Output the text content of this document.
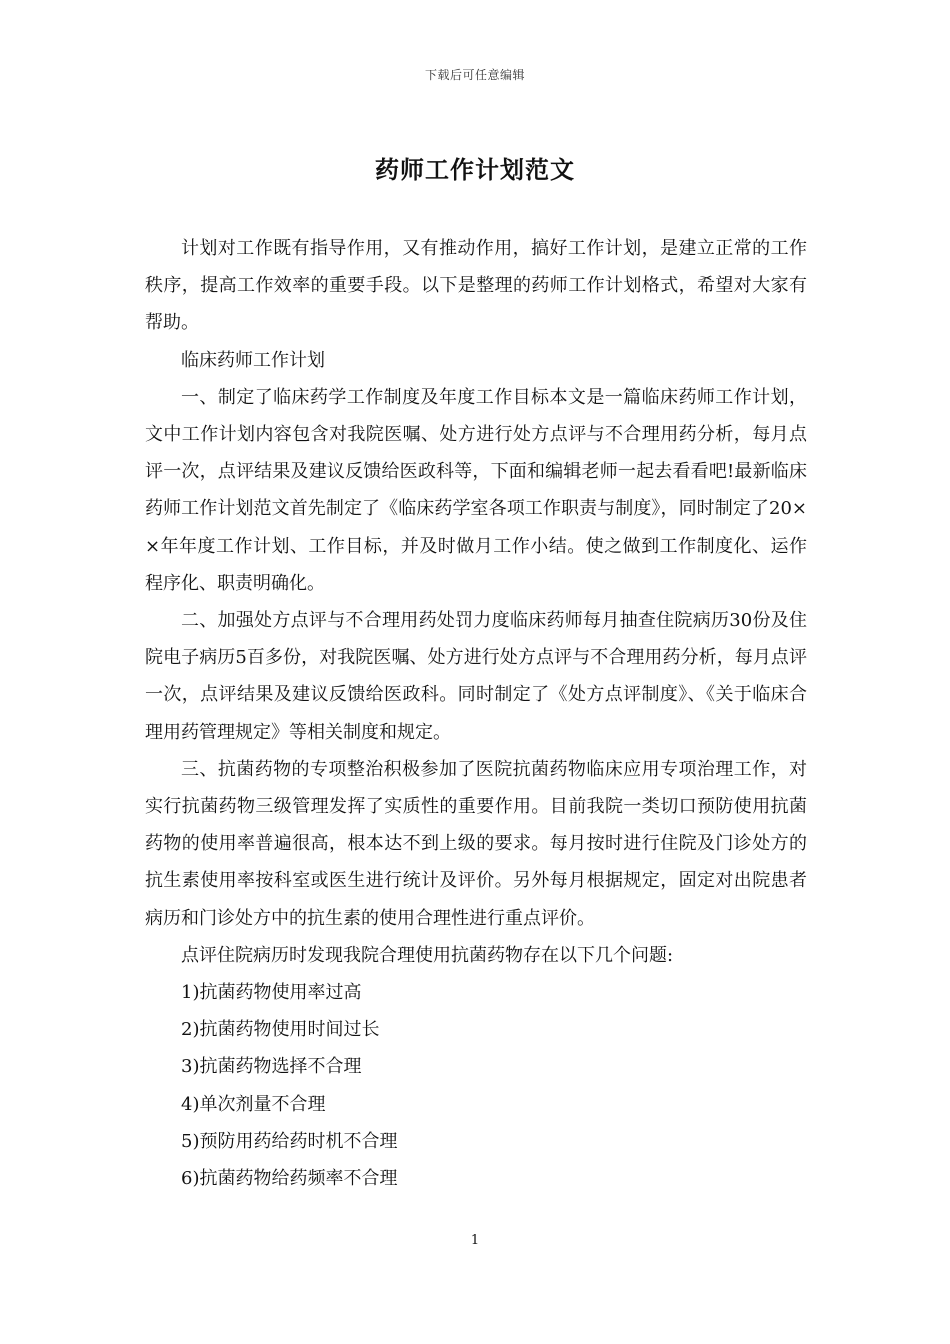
下载后可任意编辑
药师工作计划范文

计划对工作既有指导作用，又有推动作用，搞好工作计划，是建立正常的工作秩序，提高工作效率的重要手段。以下是整理的药师工作计划格式，希望对大家有帮助。

临床药师工作计划

一、制定了临床药学工作制度及年度工作目标本文是一篇临床药师工作计划，文中工作计划内容包含对我院医嘱、处方进行处方点评与不合理用药分析，每月点评一次，点评结果及建议反馈给医政科等，下面和编辑老师一起去看看吧!最新临床药师工作计划范文首先制定了《临床药学室各项工作职责与制度》，同时制定了20××年年度工作计划、工作目标，并及时做月工作小结。使之做到工作制度化、运作程序化、职责明确化。

二、加强处方点评与不合理用药处罚力度临床药师每月抽查住院病历30份及住院电子病历5百多份，对我院医嘱、处方进行处方点评与不合理用药分析，每月点评一次，点评结果及建议反馈给医政科。同时制定了《处方点评制度》、《关于临床合理用药管理规定》等相关制度和规定。

三、抗菌药物的专项整治积极参加了医院抗菌药物临床应用专项治理工作，对实行抗菌药物三级管理发挥了实质性的重要作用。目前我院一类切口预防使用抗菌药物的使用率普遍很高，根本达不到上级的要求。每月按时进行住院及门诊处方的抗生素使用率按科室或医生进行统计及评价。另外每月根据规定，固定对出院患者病历和门诊处方中的抗生素的使用合理性进行重点评价。

点评住院病历时发现我院合理使用抗菌药物存在以下几个问题:

1)抗菌药物使用率过高

2)抗菌药物使用时间过长

3)抗菌药物选择不合理

4)单次剂量不合理

5)预防用药给药时机不合理

6)抗菌药物给药频率不合理

1
